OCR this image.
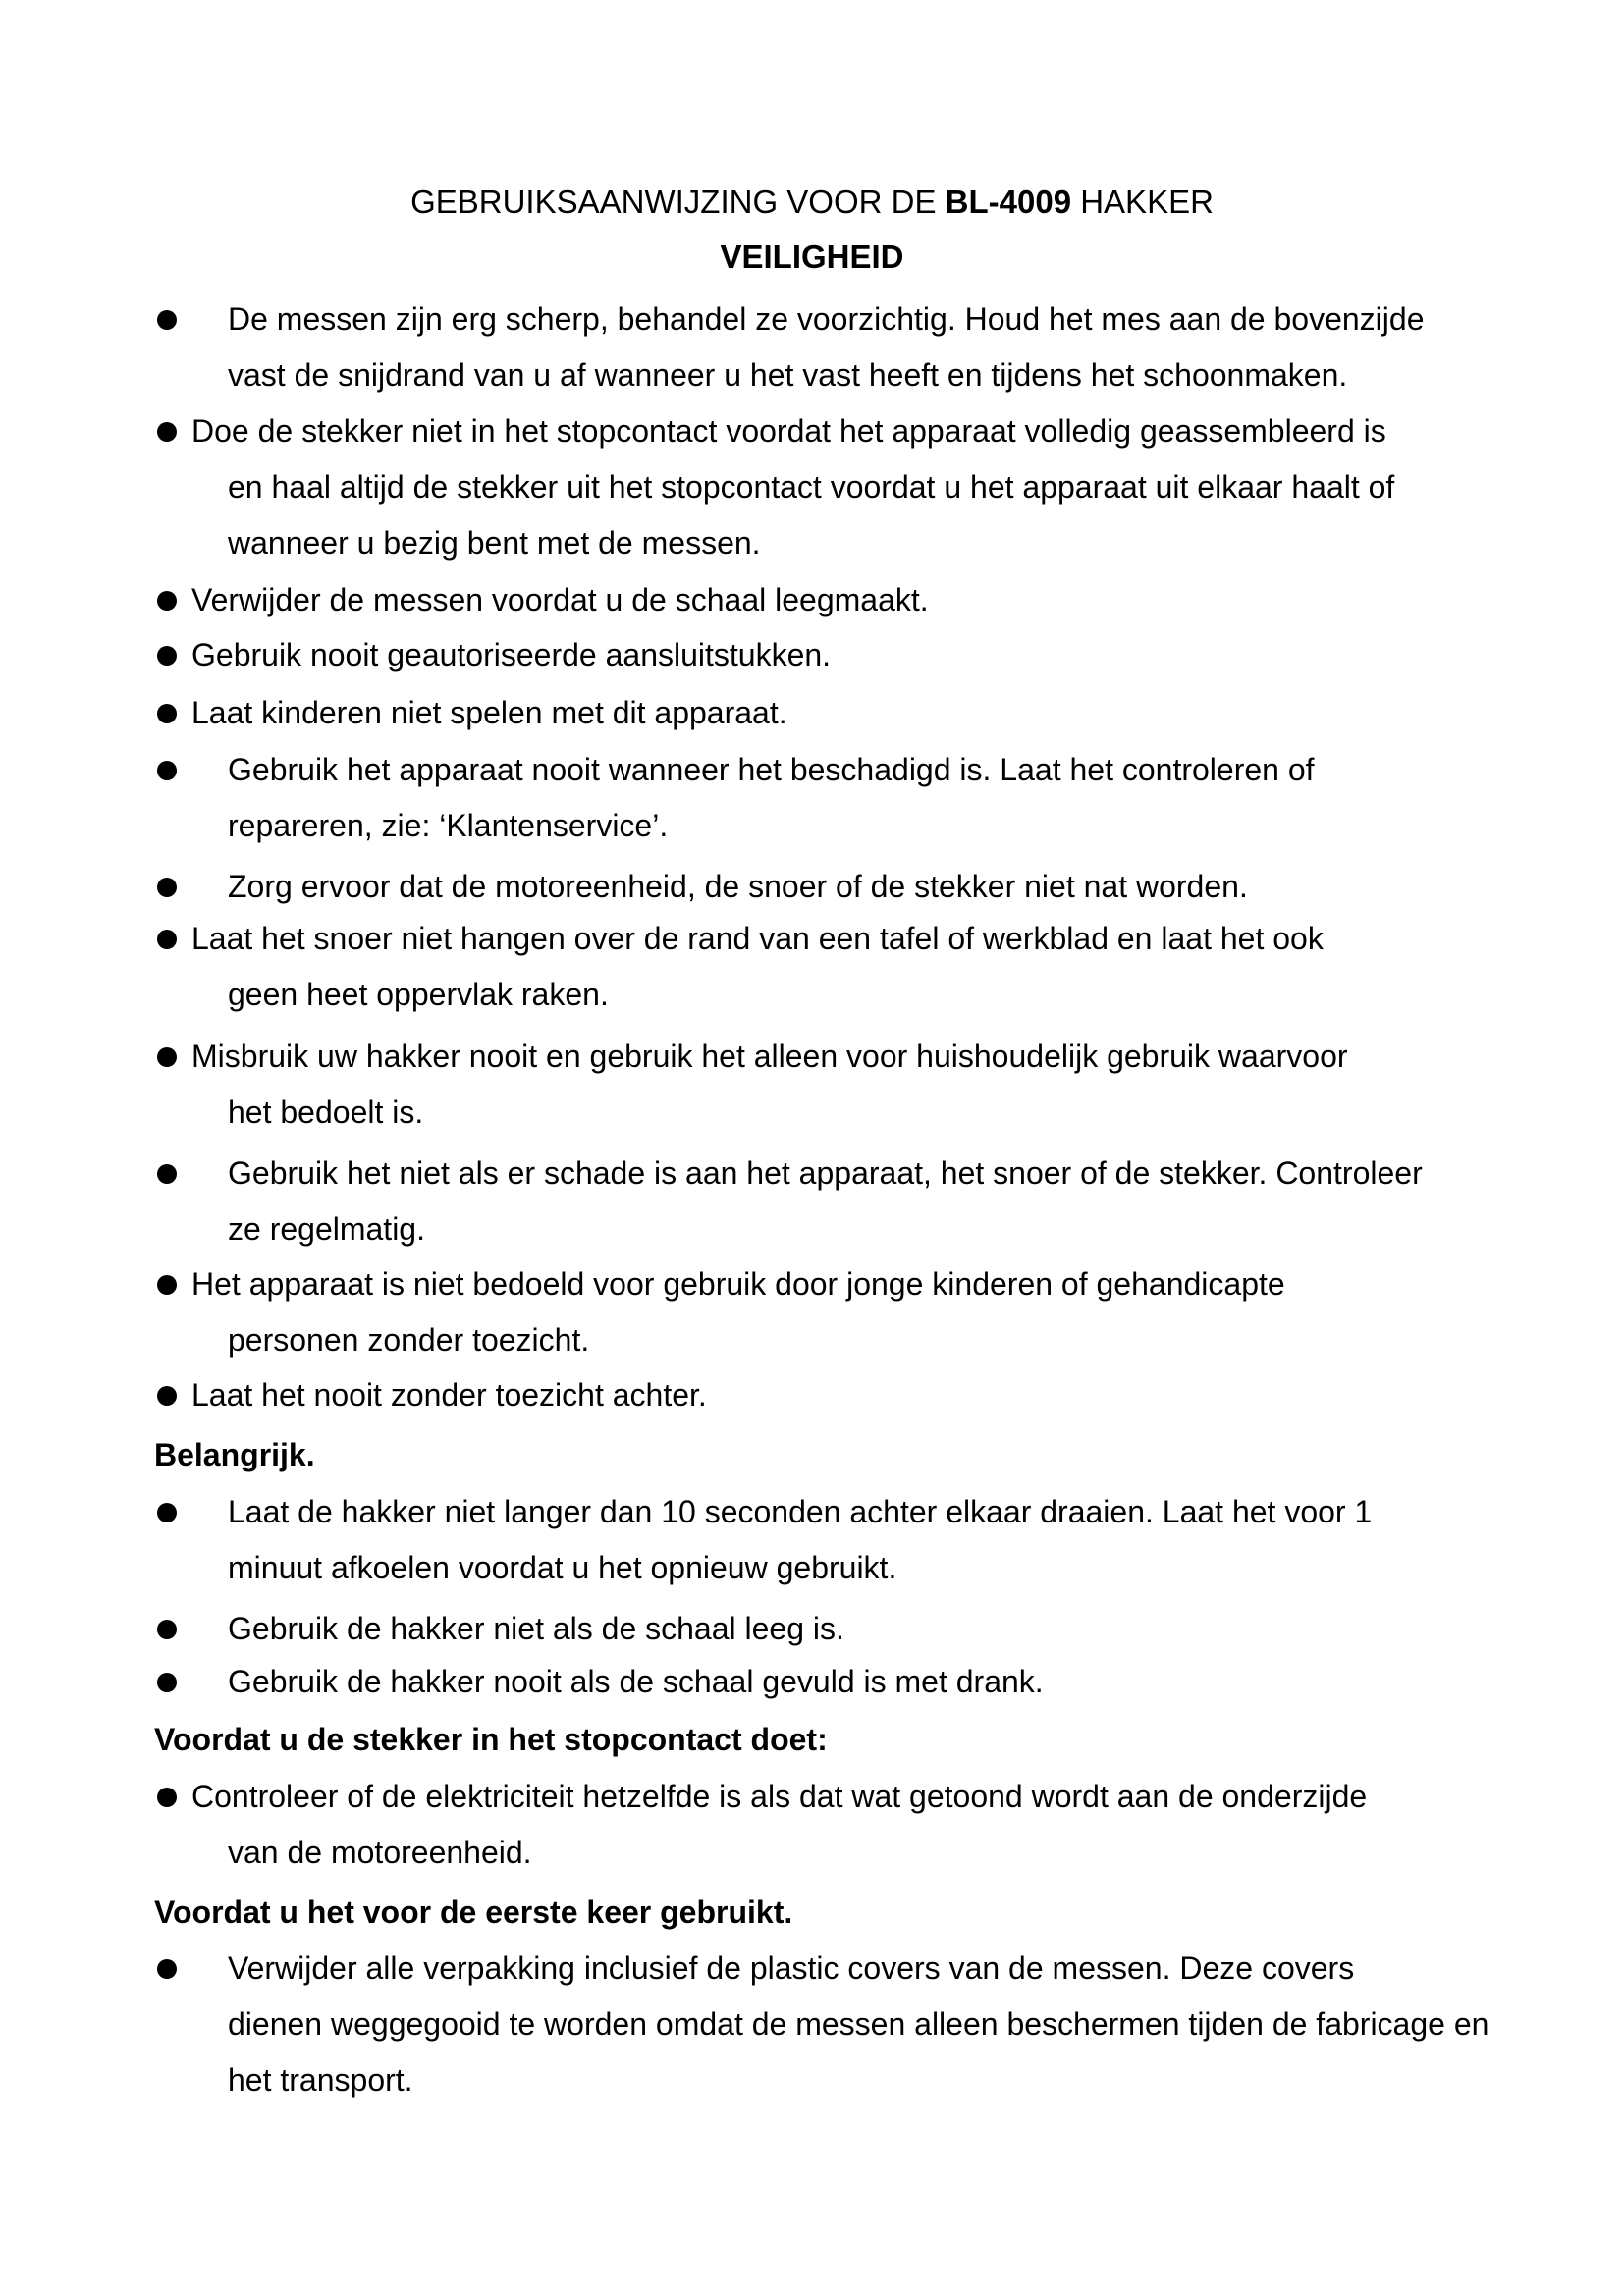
GEBRUIKSAANWIJZING VOOR DE BL-4009 HAKKER
VEILIGHEID
De messen zijn erg scherp, behandel ze voorzichtig. Houd het mes aan de bovenzijde
vast de snijdrand van u af wanneer u het vast heeft en tijdens het schoonmaken.
Doe de stekker niet in het stopcontact voordat het apparaat volledig geassembleerd is
en haal altijd de stekker uit het stopcontact voordat u het apparaat uit elkaar haalt of wanneer u bezig bent met de messen.
Verwijder de messen voordat u de schaal leegmaakt.
Gebruik nooit geautoriseerde aansluitstukken.
Laat kinderen niet spelen met dit apparaat.
Gebruik het apparaat nooit wanneer het beschadigd is. Laat het controleren of
repareren, zie: ‘Klantenservice’.
Zorg ervoor dat de motoreenheid, de snoer of de stekker niet nat worden.
Laat het snoer niet hangen over de rand van een tafel of werkblad en laat het ook
geen heet oppervlak raken.
Misbruik uw hakker nooit en gebruik het alleen voor huishoudelijk gebruik waarvoor
het bedoelt is.
Gebruik het niet als er schade is aan het apparaat, het snoer of de stekker. Controleer
ze regelmatig.
Het apparaat is niet bedoeld voor gebruik door jonge kinderen of gehandicapte
personen zonder toezicht.
Laat het nooit zonder toezicht achter.
Belangrijk.
Laat de hakker niet langer dan 10 seconden achter elkaar draaien. Laat het voor 1
minuut afkoelen voordat u het opnieuw gebruikt.
Gebruik de hakker niet als de schaal leeg is.
Gebruik de hakker nooit als de schaal gevuld is met drank.
Voordat u de stekker in het stopcontact doet:
Controleer of de elektriciteit hetzelfde is als dat wat getoond wordt aan de onderzijde
van de motoreenheid.
Voordat u het voor de eerste keer gebruikt.
Verwijder alle verpakking inclusief de plastic covers van de messen. Deze covers
dienen weggegooid te worden omdat de messen alleen beschermen tijden de fabricage en het transport.
